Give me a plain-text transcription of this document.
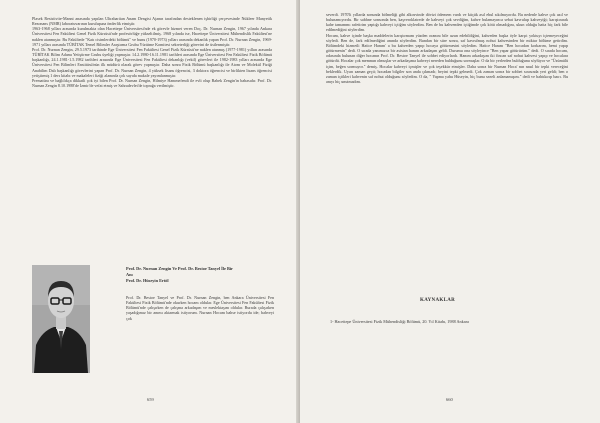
Plasek Resistivite-Manni anasında yapılan Ultrabariian Anam Dengisi Ajanın tarafından desteklenen işbirliği çerçevesinde Nükleer Manyetik Rezonans (NMR) laboratuvarının kuruluşuna önderlik etmiştir.

1963-1968 yılları arasında kurulmakta olan Hacettepe Üniversitesi'nde ek görevle hizmet veren Doç. Dr. Nurnan Zengin, 1967 yılında Ankara Üniversitesi Fen Fakültesi Genel Fizik Kürsüsü'nde profesörlüğe yükseltilmiş. 1968 yılında ise, Hacettepe Üniversitesi Mühendislik Fakültesi'ne naklen atanmıştır. Bu Fakültede "Katı cisimlerdeki bölümü" ve bunu (1970-1973) yılları arasında dekanlık yapan Prof. Dr. Nurnan Zengin, 1969-1971 yılları arasında TÜBİTAK Temel Bilimler Araştırma Grubu Yürütme Komitesi sekreterliği görevini de üstlenmiştir.

Prof. Dr. Nurnan Zengin, 29.5.1973 tarihinde Ege Üniversitesi Fen Fakültesi Genel Fizik Kürsüsü'ne naklen atanmış (1977-1981) yılları arasında TÜBİTAK Bilim Adamı Yetiştirme Grubu üyeliği yapmıştır. 14.2.1980-16.11.1981 tarihleri arasında Ege Üniversitesi Fen Fakültesi Fizik Bölümü başkanlığı, 24.1.1981-1.5.1982 tarihleri arasında Ege Üniversitesi Fen Fakültesi dekanlığı (vekil) görevleri ile 1982-1983 yılları arasında Ege Üniversitesi Fen Bilimleri Enstitüsü'nün ilk müdürü olarak görev yapmıştır. Daha sonra Fizik Bölümü başkanlığı ile Atom ve Molekül Fiziği Anabilim Dalı başkanlığı görevlerini yapan Prof. Dr. Nurnan Zengin, 4 yüksek lisans öğrencisi, 3 doktora öğrencisi ve birlikten lisans öğrencisi yetiştirmiş 1 ders kitabı ve makaleleri fiziği alanında çok sayıda makale yayımlanmıştır.

Prematüra ve bağlılıkça dikkatli çok iyi bilen Prof. Dr. Nurnan Zengin, Hilmiye Hanımefendi ile evli olup Babek Zengin'in babasıdır. Prof. Dr. Nurnan Zengin 8.10.1988'de İzmir'de vefat etmiş ve Sahradevlet'de toprağa verilmiştir.

Prof. Dr. Nurnan Zengin Ve Prof. Dr. Bestoe Tanyel İle Bir
Anı
Prof. Dr. Hüseyin Ertöl

Prof. Dr. Bestoe Tanyel ve Prof. Dr. Nurnan Zengin, ben Ankara Üniversitesi Fen Fakültesi Fizik Bölümü'nde okurken hocam oldular. Ege Üniversitesi Fen Fakültesi Fizik Bölümü'nde çalışırken de çalışma arkadaşım ve meslektaşım oldular. Burada çalışırken yaşadığımız bir anımı aktarmak istiyorum. Nurnan Hocam bahse istiyordu ide; bahveyi çok

659	660

severdi. 1970'li yıllarda sonunda bölmeliği gibi alkosvinde dövizi ödemem vardı ve küçük asıl ebul sıkılmıyordu. Bu nedenle kahve çok azıl ve bulunamıyordu. Bir sabhne sonsonda ben, kaşveroklatrede de kahveyi çok sevdiğim, kahve bulamayınca sebat kavrulup kahveyiği; karıştırarak kahe tamammı rafetirim yaptığı kahveyi içtiğim söylerdim. Ben de bu kahvenden içtiğimde çok kötü olmadığını, ukun olduğu hatta hiç fark bile edilmediğini söylerdim.

Hocam, kahve içinde başka maddelerin karıştırmam yüzden oranını bile uzun edebildiğini, kahveden başka öyle karşıt yoktuyı içtemeyeceğini söyledi. Ben de, fark edilmediğini anında söylerdim. Bundan bir süre sonra, saf kavrulmuş nohut kahvesinden bir miktar bölüme getirdim. Bölümdeki hizmetli Hatice Hanım' a bu kahveden yapıp hocaya götürmesini söyledim. Hatice Hanım "Ben hocadan korkarım, hemi yapıp götürmenin" dedi. O sırada yanımızca bir asistan hanım arkadaşım geldi. Durumu ona söyleyince "Ben yapar götürürüm." dedi. O sırada hocam, odasında bulunan diğer hocanın Prof. Dr. Bestoe Tanyel ile sohbet ediyorlardı. Hanım arkadaşım iki fincan saf nohut kahvesi yapıp ve hocalara götürdü. Hocalar çok memnun olmuşlar ve arkadaşıma kahveyi nereden bulduğunu sormuşlar. O da bir yerlerden bulduğunu söylüyor ve "Üzümülü içim, beğen sormuyor." demiş. Hocalar kahveyi içmişler ve çok teşekkür etmişler. Daha sonra bir Nurnan Hoca' nın nasıl bir tepki vereceğini beklerdik. Uyarı zaman geçti; hocadan bilgiler son anda çıkmadı; beyini tepki gelmedi. Çok zaman sonra bir sohbet sırasında yeri geldi; ben o zaman içtikleri kahvenin saf nohut olduğunu söyledim. O da, " Yapma yahu Hüseyin, hiç bunu sezeli anlamamışım." dedi ve bahtıkırıp baırı. Bu anıyı hiç unutmadım.

KAYNAKLAR
1- Hacettepe Üniversitesi Fizik Mühendisliği Bölümü, 20. Yıl Kitabı, 1988 Ankara
